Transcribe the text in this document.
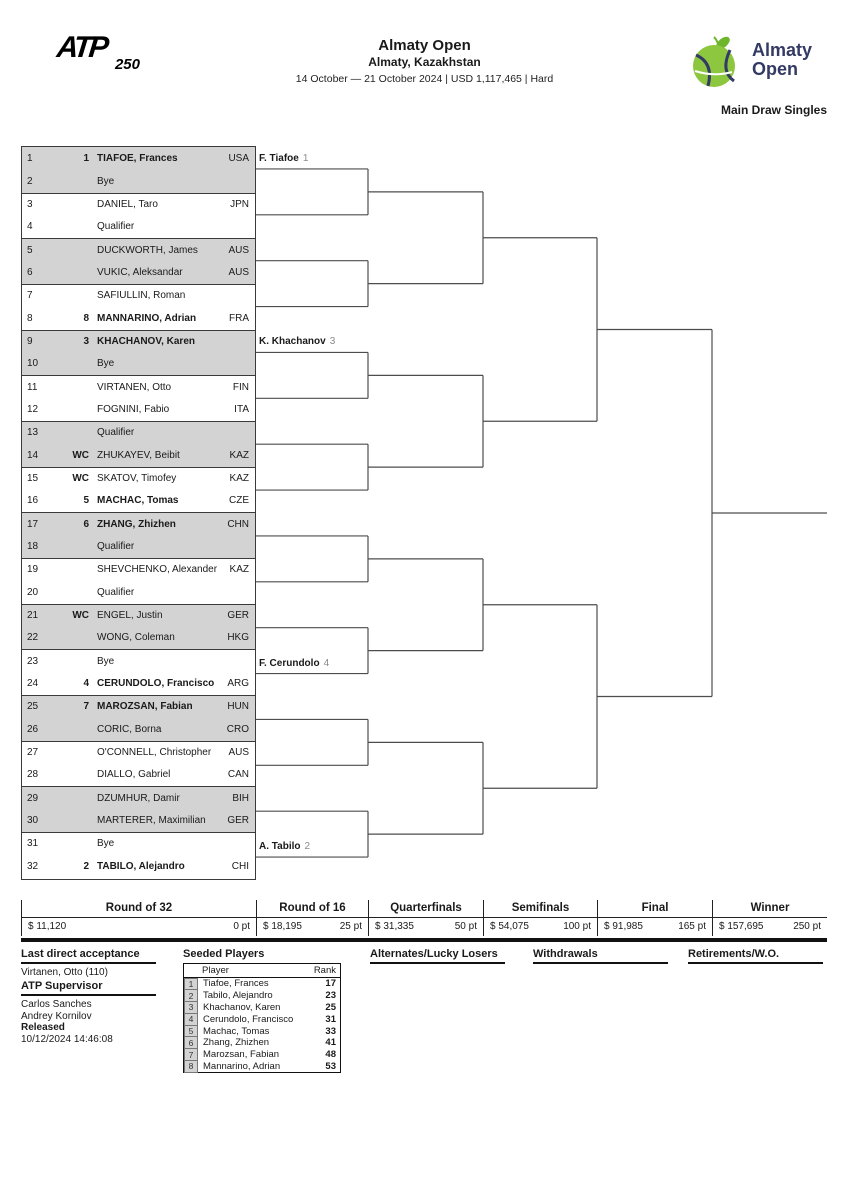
ATP
250
Almaty Open
Almaty, Kazakhstan
14 October — 21 October 2024 | USD 1,117,465 | Hard
Almaty
Open
Main Draw Singles
1	1 TIAFOE, Frances	USA
2	Bye
3	DANIEL, Taro	JPN
4	Qualifier
5	DUCKWORTH, James	AUS
6	VUKIC, Aleksandar	AUS
7	SAFIULLIN, Roman
8	8 MANNARINO, Adrian	FRA
9	3 KHACHANOV, Karen
10	Bye
11	VIRTANEN, Otto	FIN
12	FOGNINI, Fabio	ITA
13	Qualifier
14	WC ZHUKAYEV, Beibit	KAZ
15	WC SKATOV, Timofey	KAZ
16	5 MACHAC, Tomas	CZE
17	6 ZHANG, Zhizhen	CHN
18	Qualifier
19	SHEVCHENKO, Alexander	KAZ
20	Qualifier
21	WC ENGEL, Justin	GER
22	WONG, Coleman	HKG
23	Bye
24	4 CERUNDOLO, Francisco	ARG
25	7 MAROZSAN, Fabian	HUN
26	CORIC, Borna	CRO
27	O'CONNELL, Christopher	AUS
28	DIALLO, Gabriel	CAN
29	DZUMHUR, Damir	BIH
30	MARTERER, Maximilian	GER
31	Bye
32	2 TABILO, Alejandro	CHI
F. Tiafoe 1
K. Khachanov 3
F. Cerundolo 4
A. Tabilo 2
Round of 32
$ 11,120	0 pt
Round of 16
$ 18,195	25 pt
Quarterfinals
$ 31,335	50 pt
Semifinals
$ 54,075	100 pt
Final
$ 91,985	165 pt
Winner
$ 157,695	250 pt
Last direct acceptance
Virtanen, Otto (110)
ATP Supervisor
Carlos Sanches
Andrey Kornilov
Released
10/12/2024 14:46:08
Seeded Players
Player	Rank
1	Tiafoe, Frances	17
2	Tabilo, Alejandro	23
3	Khachanov, Karen	25
4	Cerundolo, Francisco	31
5	Machac, Tomas	33
6	Zhang, Zhizhen	41
7	Marozsan, Fabian	48
8	Mannarino, Adrian	53
Alternates/Lucky Losers	Withdrawals	Retirements/W.O.
